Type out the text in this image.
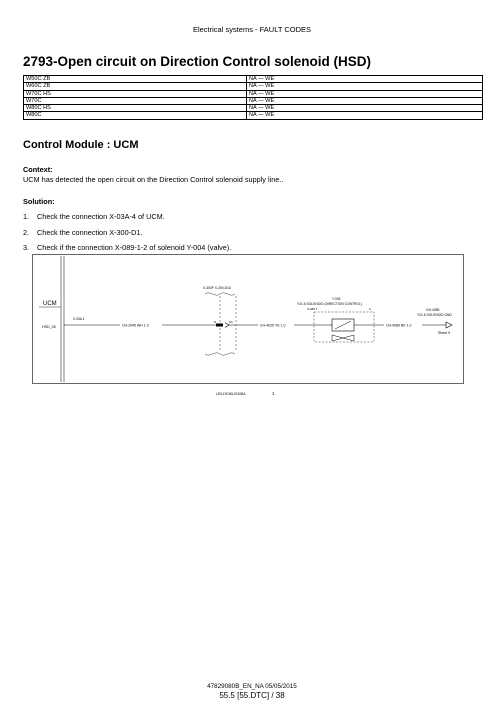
Electrical systems - FAULT CODES
2793-Open circuit on Direction Control solenoid (HSD)
W50C ZB	NA — WE
W60C ZB	NA — WE
W70C HS	NA — WE
W70C	NA — WE
W80C HS	NA — WE
W80C	NA — WE
Control Module : UCM
Context:
UCM has detected the open circuit on the Direction Control solenoid supply line..
Solution:
1. Check the connection X-03A-4 of UCM.
2. Check the connection X-300-D1.
3. Check if the connection X-089-1-2 of solenoid Y-004 (valve).
UCM
HSD_28
X-03A 4
CH-2045 WH 1.0
X-300F X-300-D1U
D	D1
CH-4025 YE 1.0
Y-004
Y21.6 SOLENOID (DIRECTION CONTROL)
X-089 1	2
CH-4089 BK 1.0
GH-4089
Y21.6 SOLENOID GND
Sheet 9
LEIL19CWL0210BA	1
47829080B_EN_NA 05/05/2015
55.5 [55.DTC] / 38
